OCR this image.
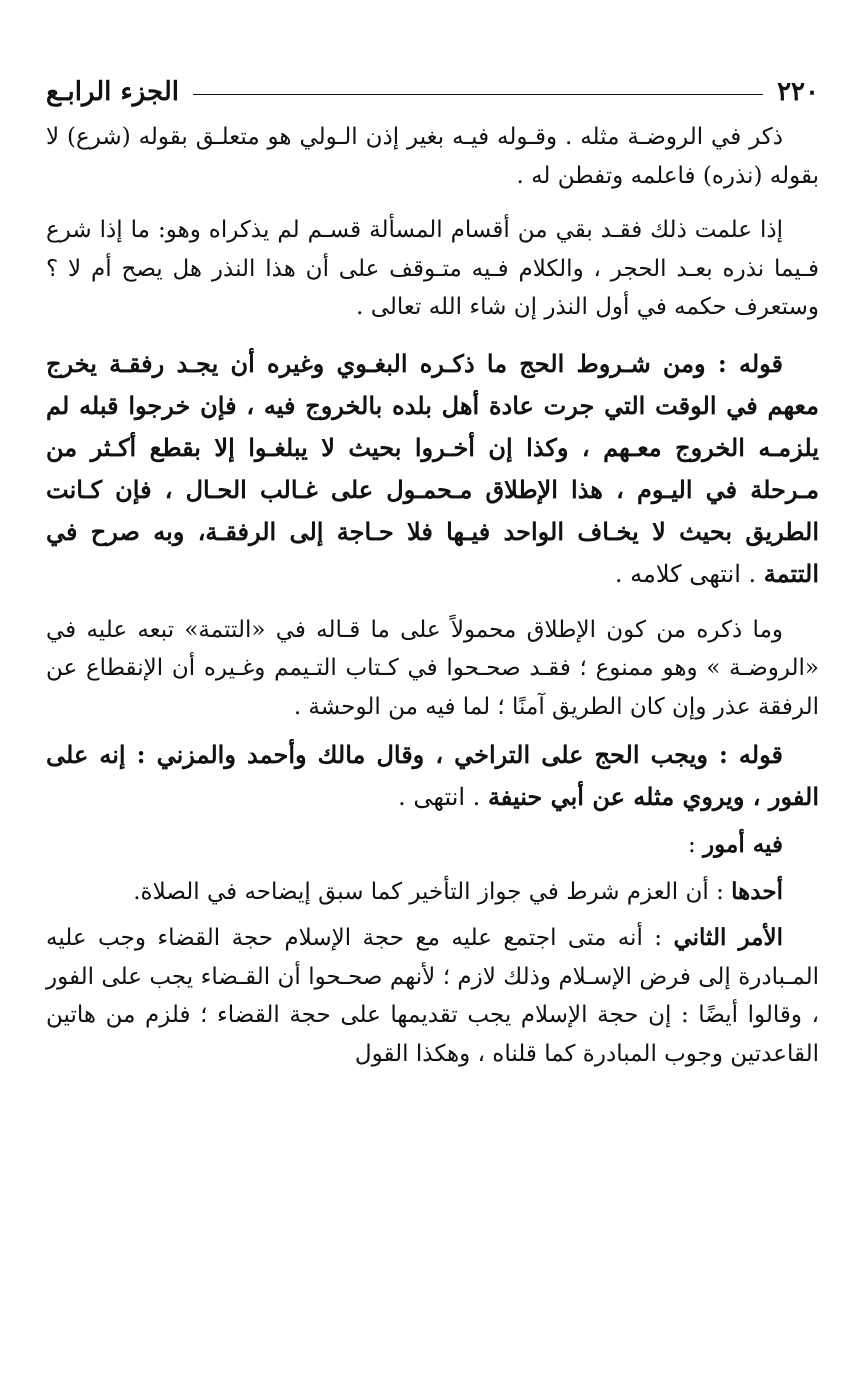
٢٢٠
الجزء الرابـع

ذكر في الروضـة مثله . وقـوله فيـه بغير إذن الـولي هو متعلـق بقوله (شرع) لا بقوله (نذره) فاعلمه وتفطن له .

إذا علمت ذلك فقـد بقي من أقسام المسألة قسـم لم يذكراه وهو: ما إذا شرع فـيما نذره بعـد الحجر ، والكلام فـيه متـوقف على أن هذا النذر هل يصح أم لا ؟ وستعرف حكمه في أول النذر إن شاء الله تعالى .

قوله : ومن شـروط الحج ما ذكـره البغـوي وغيره أن يجـد رفقـة يخرج معهم في الوقت التي جرت عادة أهل بلده بالخروج فيه ، فإن خرجوا قبله لم يلزمـه الخروج معـهم ، وكذا إن أخـروا بحيث لا يبلغـوا إلا بقطع أكـثر من مـرحلة في اليـوم ، هذا الإطلاق مـحمـول على غـالب الحـال ، فإن كـانت الطريق بحيث لا يخـاف الواحد فيـها فلا حـاجة إلى الرفقـة، وبه صرح في التتمة . انتهى كلامه .

وما ذكره من كون الإطلاق محمولاً على ما قـاله في «التتمة» تبعه عليه في «الروضـة » وهو ممنوع ؛ فقـد صحـحوا في كـتاب التـيمم وغـيره أن الإنقطاع عن الرفقة عذر وإن كان الطريق آمنًا ؛ لما فيه من الوحشة .

قوله : ويجب الحج على التراخي ، وقال مالك وأحمد والمزني : إنه على الفور ، ويروي مثله عن أبي حنيفة . انتهى .

فيه أمور :

أحدها : أن العزم شرط في جواز التأخير كما سبق إيضاحه في الصلاة.

الأمر الثاني : أنه متى اجتمع عليه مع حجة الإسلام حجة القضاء وجب عليه المـبادرة إلى فرض الإسـلام وذلك لازم ؛ لأنهم صحـحوا أن القـضاء يجب على الفور ، وقالوا أيضًا : إن حجة الإسلام يجب تقديمها على حجة القضاء ؛ فلزم من هاتين القاعدتين وجوب المبادرة كما قلناه ، وهكذا القول
